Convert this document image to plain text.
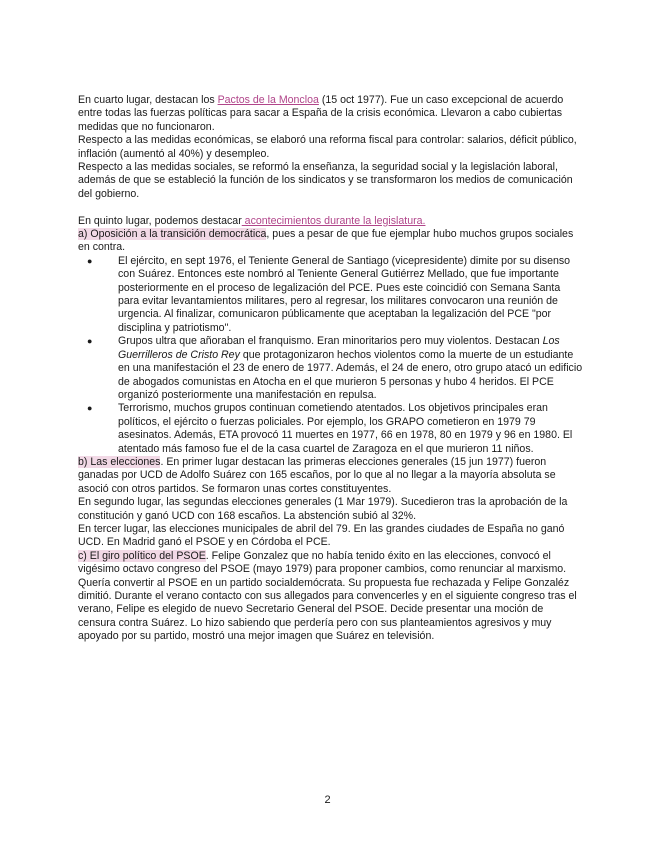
En cuarto lugar, destacan los Pactos de la Moncloa (15 oct 1977). Fue un caso excepcional de acuerdo entre todas las fuerzas políticas para sacar a España de la crisis económica. Llevaron a cabo cubiertas medidas que no funcionaron.

Respecto a las medidas económicas, se elaboró una reforma fiscal para controlar: salarios, déficit público, inflación (aumentó al 40%) y desempleo.

Respecto a las medidas sociales, se reformó la enseñanza, la seguridad social y la legislación laboral, además de que se estableció la función de los sindicatos y se transformaron los medios de comunicación del gobierno.

En quinto lugar, podemos destacar acontecimientos durante la legislatura.

a) Oposición a la transición democrática, pues a pesar de que fue ejemplar hubo muchos grupos sociales en contra.

● El ejército, en sept 1976, el Teniente General de Santiago (vicepresidente) dimite por su disenso con Suárez. Entonces este nombró al Teniente General Gutiérrez Mellado, que fue importante posteriormente en el proceso de legalización del PCE. Pues este coincidió con Semana Santa para evitar levantamientos militares, pero al regresar, los militares convocaron una reunión de urgencia. Al finalizar, comunicaron públicamente que aceptaban la legalización del PCE "por disciplina y patriotismo".
● Grupos ultra que añoraban el franquismo. Eran minoritarios pero muy violentos. Destacan Los Guerrilleros de Cristo Rey que protagonizaron hechos violentos como la muerte de un estudiante en una manifestación el 23 de enero de 1977. Además, el 24 de enero, otro grupo atacó un edificio de abogados comunistas en Atocha en el que murieron 5 personas y hubo 4 heridos. El PCE organizó posteriormente una manifestación en repulsa.
● Terrorismo, muchos grupos continuan cometiendo atentados. Los objetivos principales eran políticos, el ejército o fuerzas policiales. Por ejemplo, los GRAPO cometieron en 1979 79 asesinatos. Además, ETA provocó 11 muertes en 1977, 66 en 1978, 80 en 1979 y 96 en 1980. El atentado más famoso fue el de la casa cuartel de Zaragoza en el que murieron 11 niños.

b) Las elecciones. En primer lugar destacan las primeras elecciones generales (15 jun 1977) fueron ganadas por UCD de Adolfo Suárez con 165 escaños, por lo que al no llegar a la mayoría absoluta se asoció con otros partidos. Se formaron unas cortes constituyentes.

En segundo lugar, las segundas elecciones generales (1 Mar 1979). Sucedieron tras la aprobación de la constitución y ganó UCD con 168 escaños. La abstención subió al 32%.

En tercer lugar, las elecciones municipales de abril del 79. En las grandes ciudades de España no ganó UCD. En Madrid ganó el PSOE y en Córdoba el PCE.

c) El giro político del PSOE. Felipe Gonzalez que no había tenido éxito en las elecciones, convocó el vigésimo octavo congreso del PSOE (mayo 1979) para proponer cambios, como renunciar al marxismo. Quería convertir al PSOE en un partido socialdemócrata. Su propuesta fue rechazada y Felipe Gonzaléz dimitió. Durante el verano contacto con sus allegados para convencerles y en el siguiente congreso tras el verano, Felipe es elegido de nuevo Secretario General del PSOE. Decide presentar una moción de censura contra Suárez. Lo hizo sabiendo que perdería pero con sus planteamientos agresivos y muy apoyado por su partido, mostró una mejor imagen que Suárez en televisión.

2
